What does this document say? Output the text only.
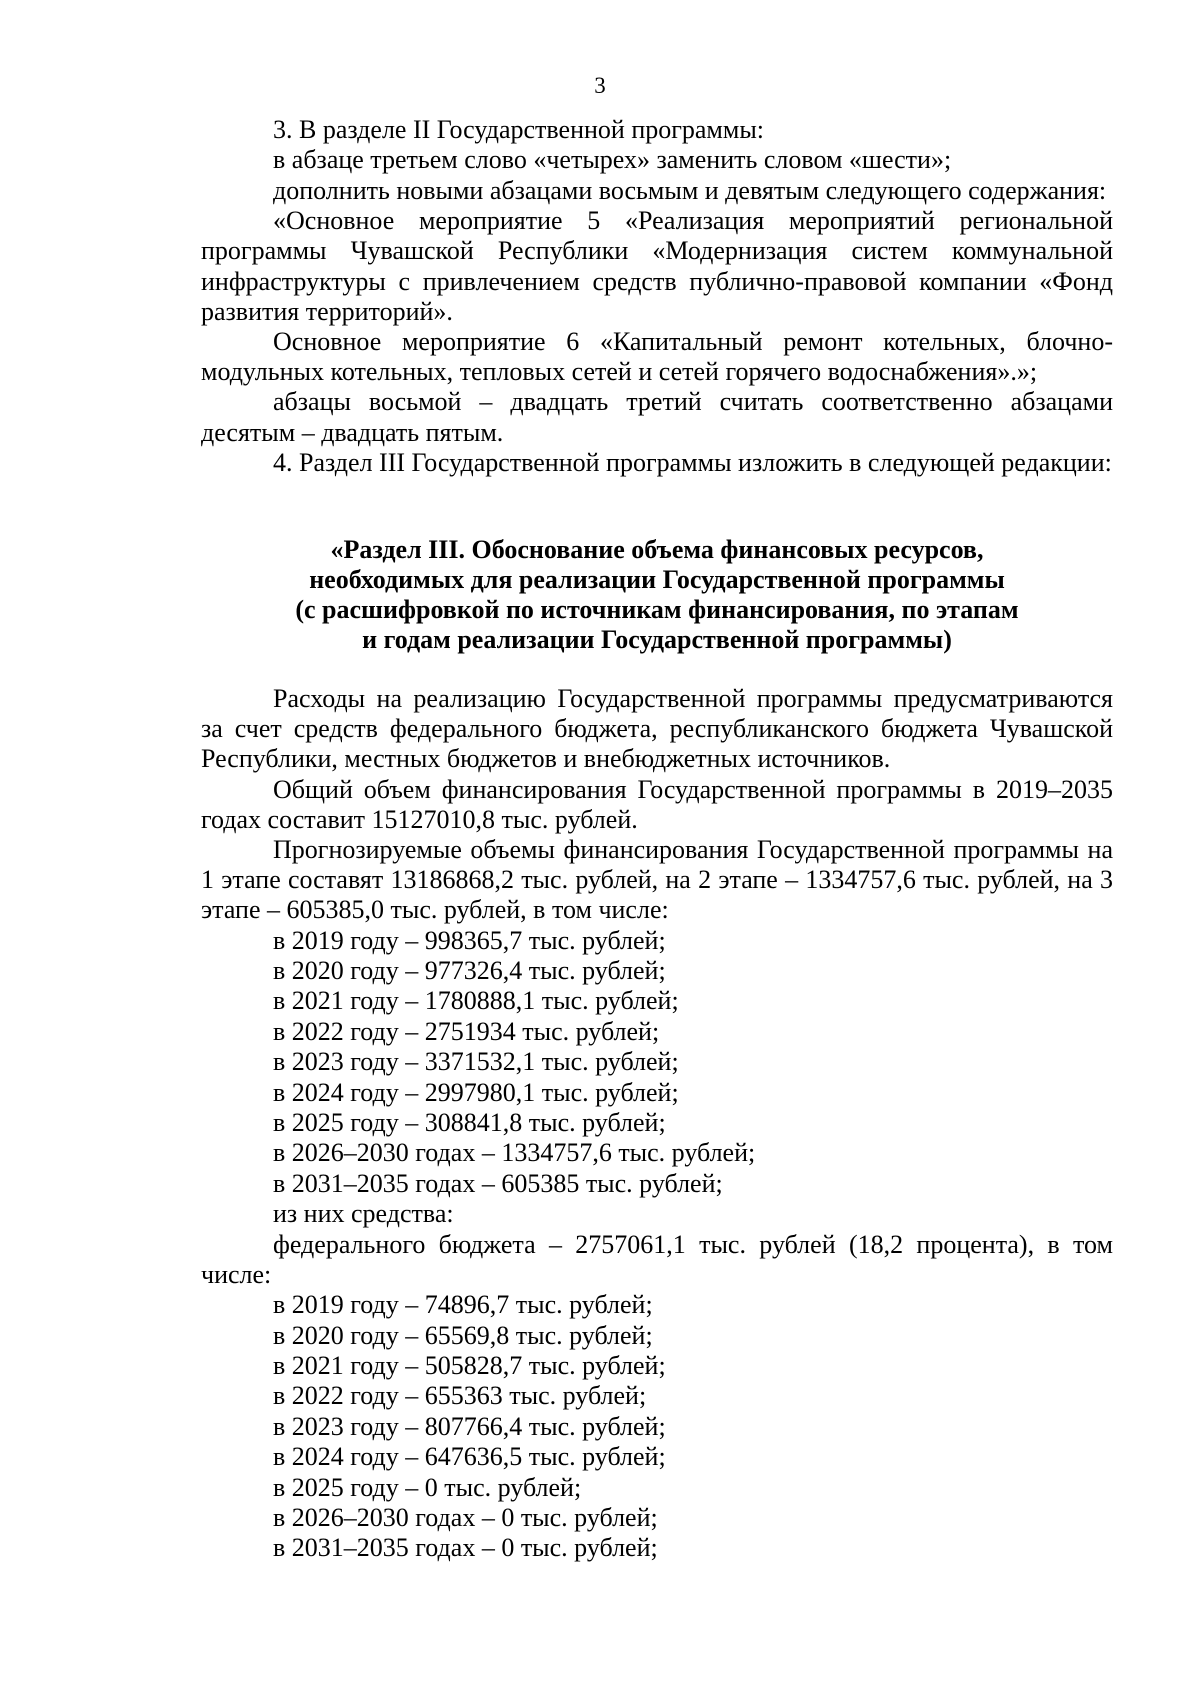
3

3. В разделе II Государственной программы:

в абзаце третьем слово «четырех» заменить словом «шести»;

дополнить новыми абзацами восьмым и девятым следующего содержания:

«Основное мероприятие 5 «Реализация мероприятий региональной программы Чувашской Республики «Модернизация систем коммунальной инфраструктуры с привлечением средств публично-правовой компании «Фонд развития территорий».

Основное мероприятие 6 «Капитальный ремонт котельных, блочно-модульных котельных, тепловых сетей и сетей горячего водоснабжения».»;

абзацы восьмой – двадцать третий считать соответственно абзацами десятым – двадцать пятым.

4. Раздел III Государственной программы изложить в следующей редакции:

«Раздел III. Обоснование объема финансовых ресурсов,
необходимых для реализации Государственной программы
(с расшифровкой по источникам финансирования, по этапам
и годам реализации Государственной программы)

Расходы на реализацию Государственной программы предусматриваются за счет средств федерального бюджета, республиканского бюджета Чувашской Республики, местных бюджетов и внебюджетных источников.

Общий объем финансирования Государственной программы в 2019–2035 годах составит 15127010,8 тыс. рублей.

Прогнозируемые объемы финансирования Государственной программы на 1 этапе составят 13186868,2 тыс. рублей, на 2 этапе – 1334757,6 тыс. рублей, на 3 этапе – 605385,0 тыс. рублей, в том числе:

в 2019 году – 998365,7 тыс. рублей;

в 2020 году – 977326,4 тыс. рублей;

в 2021 году – 1780888,1 тыс. рублей;

в 2022 году – 2751934 тыс. рублей;

в 2023 году – 3371532,1 тыс. рублей;

в 2024 году – 2997980,1 тыс. рублей;

в 2025 году – 308841,8 тыс. рублей;

в 2026–2030 годах – 1334757,6 тыс. рублей;

в 2031–2035 годах – 605385 тыс. рублей;

из них средства:

федерального бюджета – 2757061,1 тыс. рублей (18,2 процента), в том числе:

в 2019 году – 74896,7 тыс. рублей;

в 2020 году – 65569,8 тыс. рублей;

в 2021 году – 505828,7 тыс. рублей;

в 2022 году – 655363 тыс. рублей;

в 2023 году – 807766,4 тыс. рублей;

в 2024 году – 647636,5 тыс. рублей;

в 2025 году – 0 тыс. рублей;

в 2026–2030 годах – 0 тыс. рублей;

в 2031–2035 годах – 0 тыс. рублей;
